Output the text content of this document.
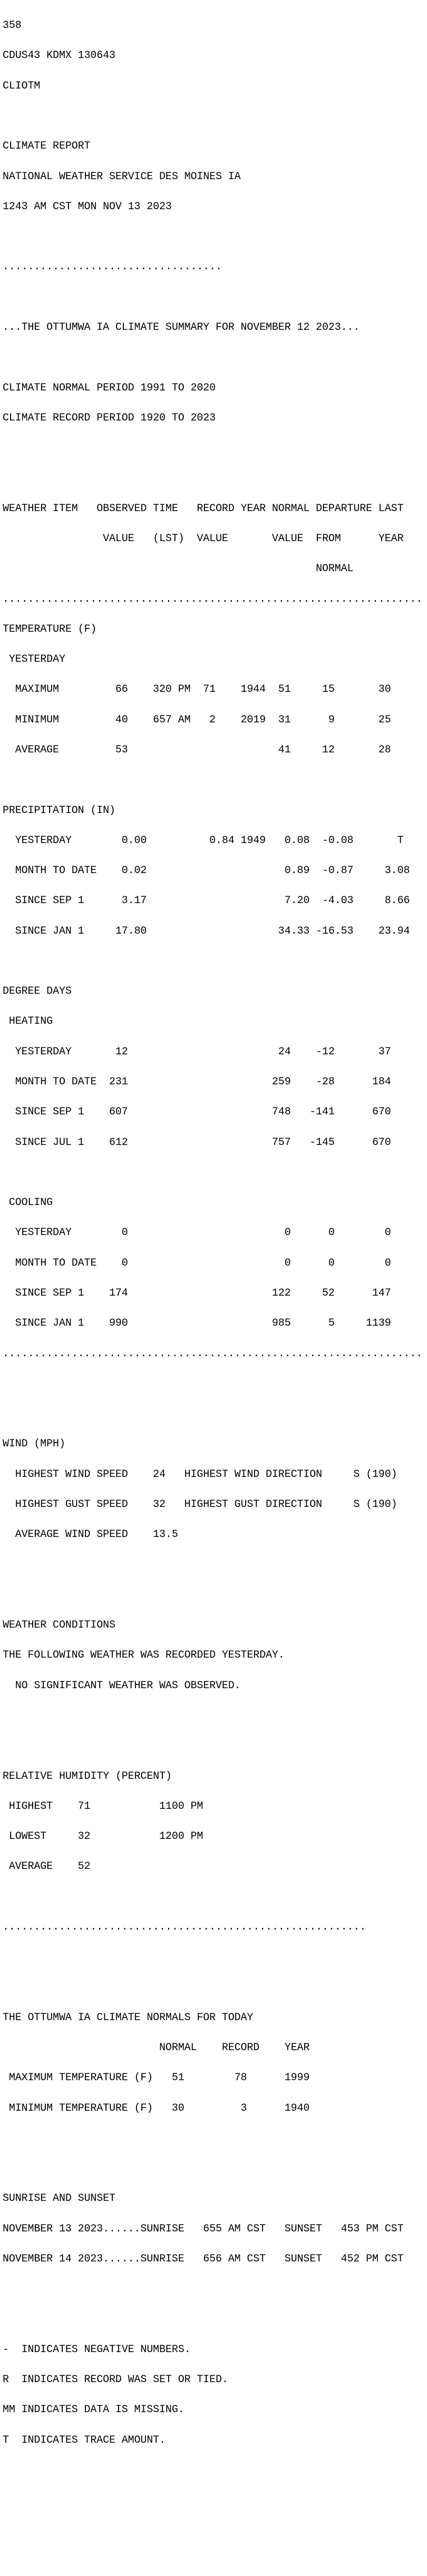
358

CDUS43 KDMX 130643

CLIOTM

CLIMATE REPORT

NATIONAL WEATHER SERVICE DES MOINES IA

1243 AM CST MON NOV 13 2023

...................................

...THE OTTUMWA IA CLIMATE SUMMARY FOR NOVEMBER 12 2023...

CLIMATE NORMAL PERIOD 1991 TO 2020

CLIMATE RECORD PERIOD 1920 TO 2023

WEATHER ITEM   OBSERVED TIME   RECORD YEAR NORMAL DEPARTURE LAST

VALUE   (LST)  VALUE       VALUE  FROM      YEAR

NORMAL

...................................................................

TEMPERATURE (F)

YESTERDAY

MAXIMUM         66    320 PM  71    1944  51     15       30

MINIMUM         40    657 AM   2    2019  31      9       25

AVERAGE         53                        41     12       28

PRECIPITATION (IN)

YESTERDAY        0.00          0.84 1949   0.08  -0.08       T

MONTH TO DATE    0.02                      0.89  -0.87     3.08

SINCE SEP 1      3.17                      7.20  -4.03     8.66

SINCE JAN 1     17.80                     34.33 -16.53    23.94

DEGREE DAYS

HEATING

YESTERDAY       12                        24    -12       37

MONTH TO DATE  231                       259    -28      184

SINCE SEP 1    607                       748   -141      670

SINCE JUL 1    612                       757   -145      670

COOLING

YESTERDAY        0                         0      0        0

MONTH TO DATE    0                         0      0        0

SINCE SEP 1    174                       122     52      147

SINCE JAN 1    990                       985      5     1139

...................................................................

WIND (MPH)

HIGHEST WIND SPEED    24   HIGHEST WIND DIRECTION     S (190)

HIGHEST GUST SPEED    32   HIGHEST GUST DIRECTION     S (190)

AVERAGE WIND SPEED    13.5

WEATHER CONDITIONS

THE FOLLOWING WEATHER WAS RECORDED YESTERDAY.

NO SIGNIFICANT WEATHER WAS OBSERVED.

RELATIVE HUMIDITY (PERCENT)

HIGHEST    71           1100 PM

LOWEST     32           1200 PM

AVERAGE    52

..........................................................

THE OTTUMWA IA CLIMATE NORMALS FOR TODAY

NORMAL    RECORD    YEAR

MAXIMUM TEMPERATURE (F)   51        78      1999

MINIMUM TEMPERATURE (F)   30         3      1940

SUNRISE AND SUNSET

NOVEMBER 13 2023......SUNRISE   655 AM CST   SUNSET   453 PM CST

NOVEMBER 14 2023......SUNRISE   656 AM CST   SUNSET   452 PM CST

-  INDICATES NEGATIVE NUMBERS.

R  INDICATES RECORD WAS SET OR TIED.

MM INDICATES DATA IS MISSING.

T  INDICATES TRACE AMOUNT.
